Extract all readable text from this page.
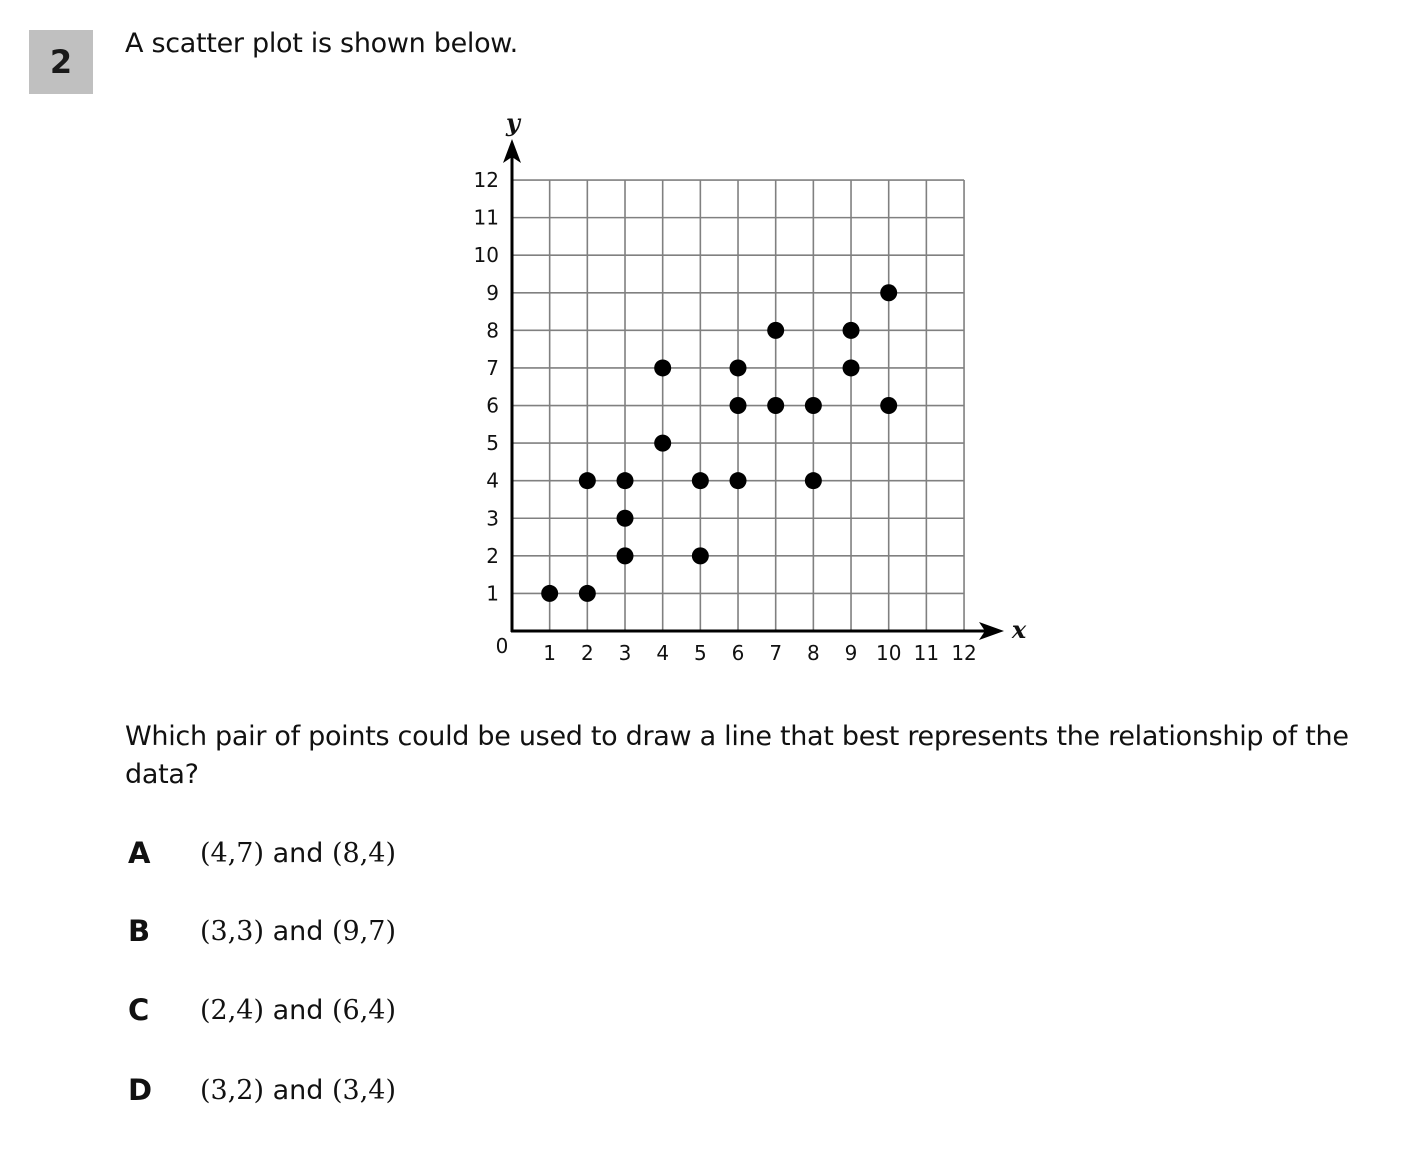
2	A scatter plot is shown below.
y
x
0 1 2 3 4 5 6 7 8 9 10 11 12
1
2
3
4
5
6
7
8
9
10
11
12
Which pair of points could be used to draw a line that best represents the relationship of the data?
A	(4,7) and (8,4)
B	(3,3) and (9,7)
C	(2,4) and (6,4)
D	(3,2) and (3,4)
